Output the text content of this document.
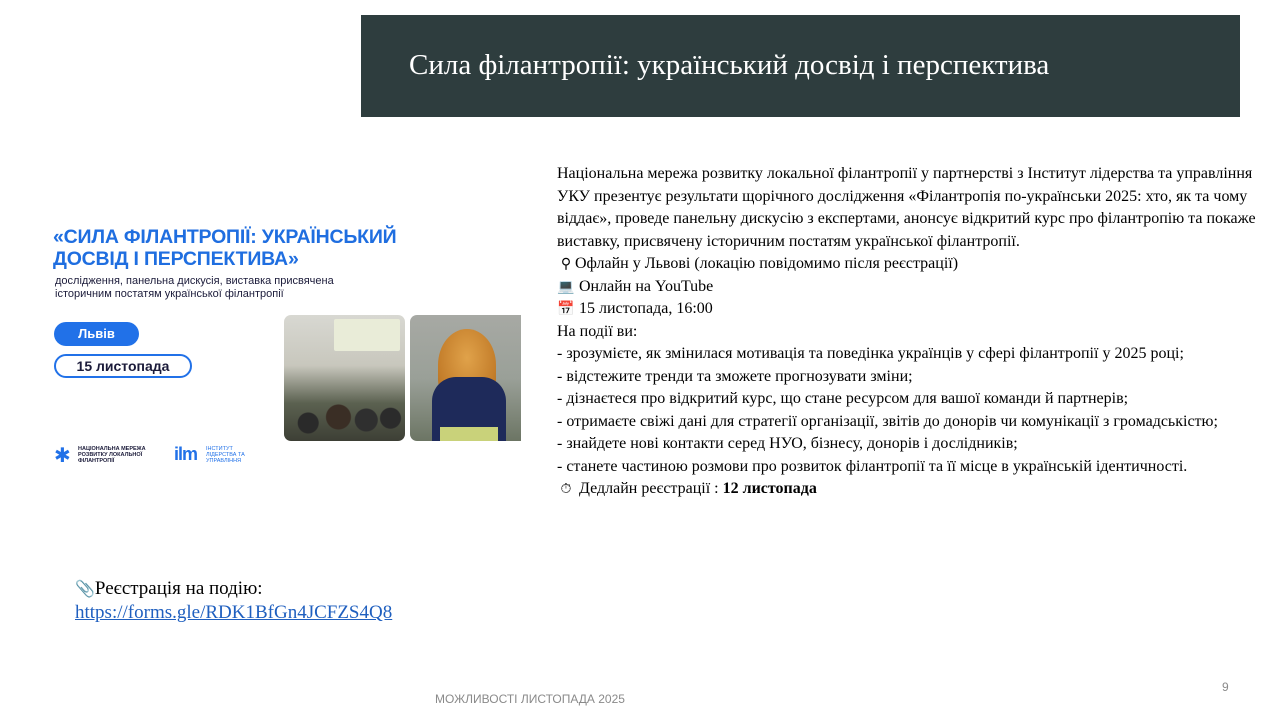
Сила філантропії: український досвід і перспектива
«СИЛА ФІЛАНТРОПІЇ: УКРАЇНСЬКИЙ ДОСВІД І ПЕРСПЕКТИВА»
дослідження, панельна дискусія, виставка присвячена історичним постатям української філантропії
Львів
15 листопада
✱	НАЦІОНАЛЬНА МЕРЕЖА РОЗВИТКУ ЛОКАЛЬНОЇ ФІЛАНТРОПІЇ	ilm ІНСТИТУТ ЛІДЕРСТВА ТА УПРАВЛІННЯ

Національна мережа розвитку локальної філантропії у партнерстві з Інститут лідерства та управління УКУ презентує результати щорічного дослідження «Філантропія по-українськи 2025: хто, як та чому віддає», проведе панельну дискусію з експертами, анонсує відкритий курс про філантропію та покаже виставку, присвячену історичним постатям української філантропії.

⚲ Офлайн у Львові (локацію повідомимо після реєстрації)

💻 Онлайн на YouTube

📅 15 листопада, 16:00

На події ви:

- зрозумієте, як змінилася мотивація та поведінка українців у сфері філантропії у 2025 році;

- відстежите тренди та зможете прогнозувати зміни;

- дізнаєтеся про відкритий курс, що стане ресурсом для вашої команди й партнерів;

- отримаєте свіжі дані для стратегії організації, звітів до донорів чи комунікації з громадськістю;

- знайдете нові контакти серед НУО, бізнесу, донорів і дослідників;

- станете частиною розмови про розвиток філантропії та її місце в українській ідентичності.

⏱ Дедлайн реєстрації : 12 листопада

📎Реєстрація на подію:
https://forms.gle/RDK1BfGn4JCFZS4Q8
МОЖЛИВОСТІ ЛИСТОПАДА 2025
9
